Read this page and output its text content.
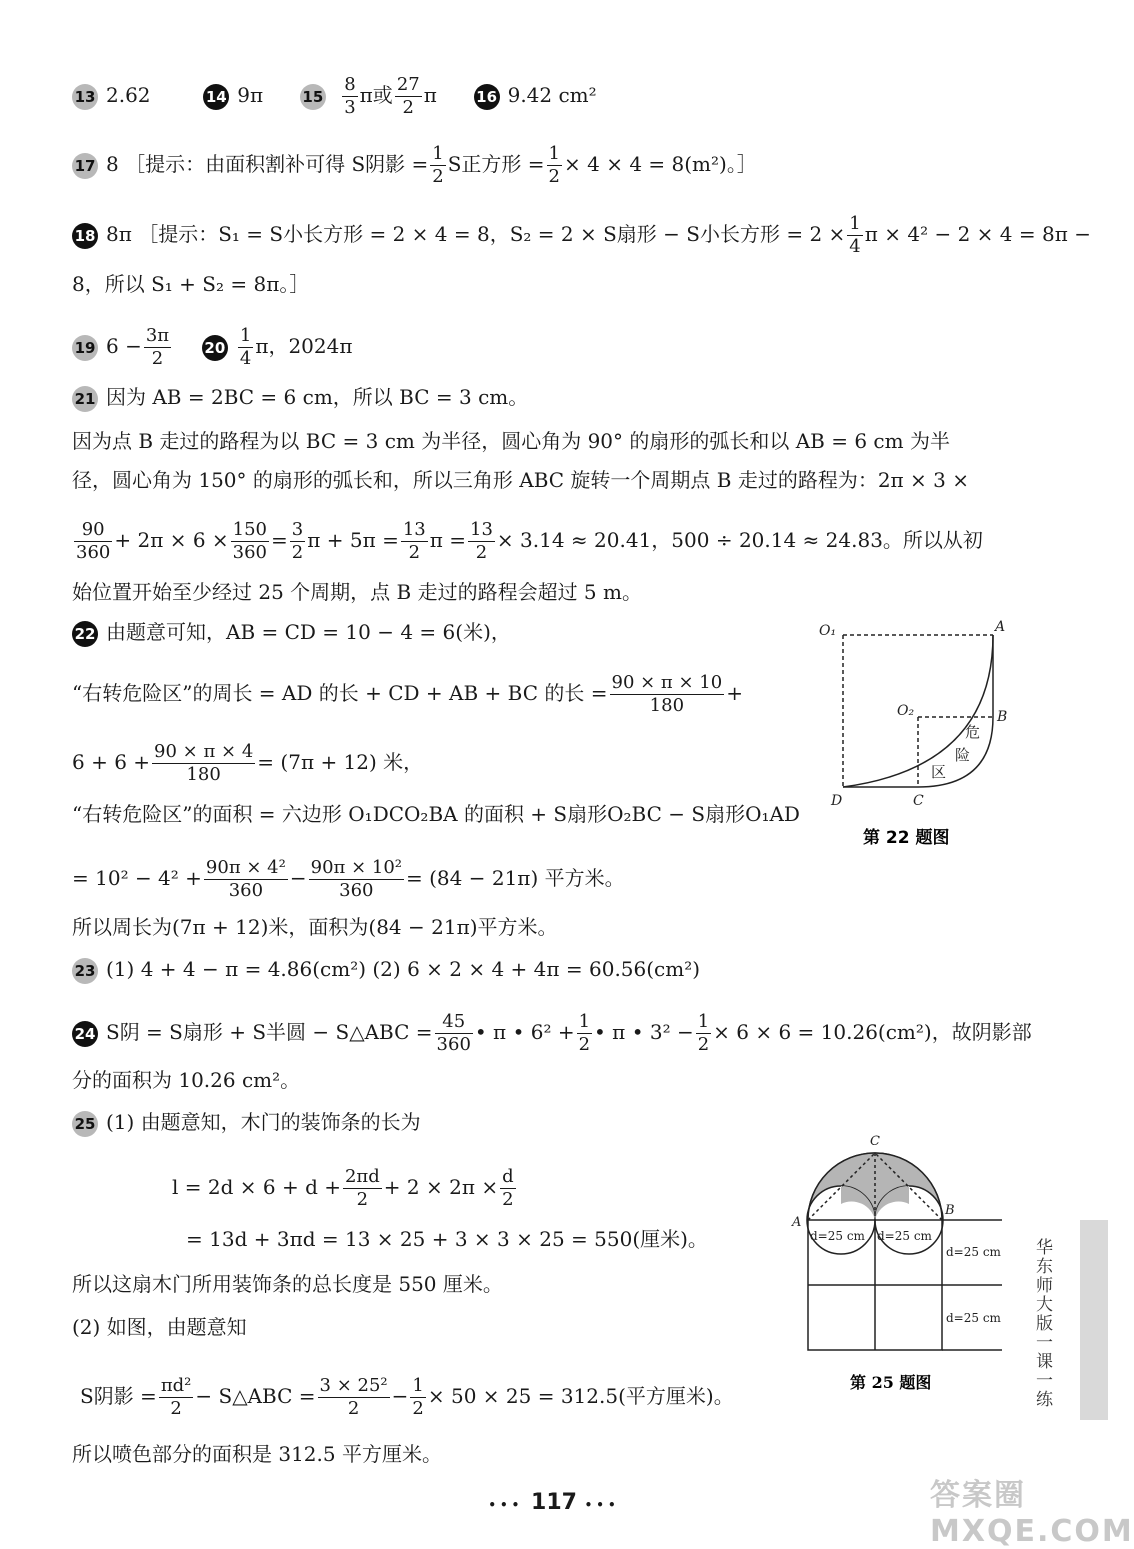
13 2.62	14 9π	$15 \frac{8}{3}$ π或 $\frac{27}{2}$ π	16 9.42 cm²
17 8 ［提示：由面积割补可得 S阴影 = $\frac{1}{2}$ S正方形 = $\frac{1}{2} \times 4 \times 4 = 8(m^2)$。］
18 8π ［提示：S₁ = S小长方形 = 2 × 4 = 8，S₂ = 2 × S扇形 − S小长方形 = $2 \times \frac{1}{4}$ π × 4² − 2 × 4 = 8π −
8，所以 S₁ + S₂ = 8π。］
19 $6 - \frac{3\pi}{2} 20 \frac{1}{4}$ π，2024π
21 因为 AB = 2BC = 6 cm，所以 BC = 3 cm。
因为点 B 走过的路程为以 BC = 3 cm 为半径，圆心角为 90° 的扇形的弧长和以 AB = 6 cm 为半
径，圆心角为 150° 的扇形的弧长和，所以三角形 ABC 旋转一个周期点 B 走过的路程为：2π × 3 ×
$\frac{90}{360} + 2\pi \times 6 \times \frac{150}{360} = \frac{3}{2}$ $\pi + 5\pi = \frac{13}{2}$ $\pi = \frac{13}{2} \times 3.14 \approx 20.41$，500 ÷ 20.14 ≈ 24.83。所以从初
始位置开始至少经过 25 个周期，点 B 走过的路程会超过 5 m。
22 由题意可知，AB = CD = 10 − 4 = 6(米)，
“右转危险区”的周长 = AD 的长 + CD + AB + BC 的长 = $\frac{90 \times \pi \times 10}{180}$ +
$6 + 6 + \frac{90 \times \pi \times 4}{180} = (7\pi + 12)$ 米，
“右转危险区”的面积 = 六边形 O₁DCO₂BA 的面积 + S扇形O₂BC − S扇形O₁AD
= $10^2 - 4^2 + \frac{\text{90π × 4²}}{360} - \frac{\text{90π × 10²}}{360} = (84 - 21\pi)$ 平方米。
所以周长为(7π + 12)米，面积为(84 − 21π)平方米。
O₁	A
O₂	B
D	C
危
险
区
第 22 题图
23 (1) 4 + 4 − π = 4.86(cm²) (2) 6 × 2 × 4 + 4π = 60.56(cm²)
24 S阴 = S扇形 + S半圆 − S△ABC = $\frac{45}{360}$ • π • $6^2 + \frac{1}{2}$ • π • $3^2 - \frac{1}{2} \times 6 \times 6 = 10.26(cm^2)$，故阴影部
分的面积为 10.26 cm²。
25 (1) 由题意知，木门的装饰条的长为
$l = 2d \times 6 + d + \frac{2\pi d}{2} + 2 \times 2\pi \times \frac{d}{2}$
= 13d + 3πd = 13 × 25 + 3 × 3 × 25 = 550(厘米)。
所以这扇木门所用装饰条的总长度是 550 厘米。
(2) 如图，由题意知
S阴影 = $\frac{\text{πd²}}{2}$ − S△ABC = $\frac{\text{3 × 25²}}{2} - \frac{1}{2} \times 50 \times 25 = 312.5$(平方厘米)。
所以喷色部分的面积是 312.5 平方厘米。
C
A
B
d=25 cm d=25 cm
d=25 cm
d=25 cm
第 25 题图	华东师大版一课一练
••• 117 •••	答案圈 MXQE.COM
